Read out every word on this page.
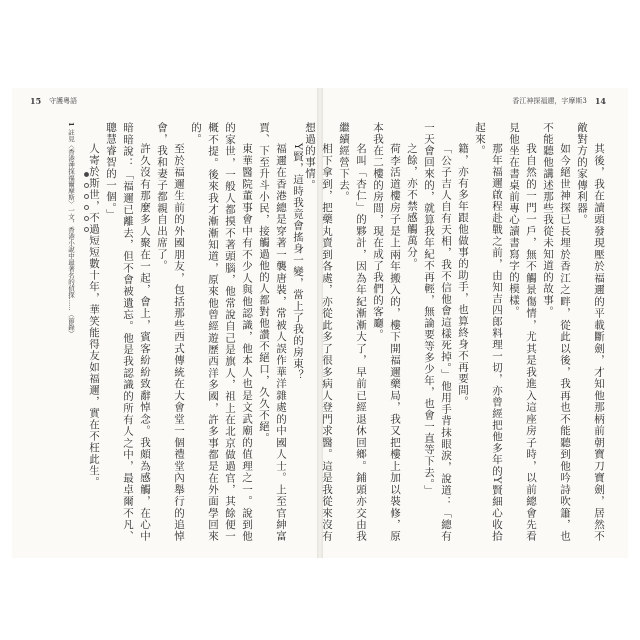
15 守護粵語
1 註見〈香港神探福爾摩斯〉一文，香港小說中最著名的偵探……（節錄）	Y賢，這時我竟會搖身一變，當上了我的房東？

福邇在香港總是穿著一襲唐裝，常被人誤作華洋雜處的中國人士。上至官紳富賈、下至升斗小民，接觸過他的人都對他讚不絕口，久久不絕。

東華醫院董事會中有不少人與他認識，他本人也是文武廟的值理之一。說到他的家世，一般人都摸不著頭腦，他常說自己是旗人，祖上在北京做過官，其餘便一概不提。後來我才漸漸知道，原來他曾經遊歷西洋多國，許多事都是在外面學回來的。

至於福邇生前的外國朋友，包括那些西式傳統在大會堂一個禮堂內舉行的追悼會，我和妻子都親自出席了。

許久沒有那麼多人聚在一起，會上，賓客紛紛致辭悼念。我頗為感觸，在心中暗暗說：「福邇已離去，但不會被遺忘。他是我認識的所有人之中，最卓爾不凡、聰慧睿智的一個。」

人寄於斯世，不過短短數十年，華笑能得友如福邇，實在不枉此生。

香江神探福邇，字摩斯3 14

其後，我在讀頭發現壓於福邇的平載斷劍，才知他那柄前朝寶刀寶劍，居然不敵對方的家傳利器。

如今絕世神探已長埋於香江之畔，從此以後，我再也不能聽到他吟詩吹簫，也不能聽他講述那些我從未知道的故事。

我自然的一門一戶，無不觸景傷情，尤其是我進入這座房子時，以前總會先看見他坐在書桌前專心讀書寫字的模樣。

那年福邇啟程赴戰之前，由知吉四郎料理一切，亦曾經把他多年的Y賢細心收拾起來。

籍，亦有多年跟他做事的助手，也算終身不再要問。

「公子吉人自有天相，我不信他會這樣死掉。」他用手背抹眼淚，說道：「總有一天會回來的，就算我年紀不再輕，無論要等多少年，也會一直等下去。」

之餘，亦不禁感觸萬分。

荷李活道樓房子是上兩年搬入的，樓下開福邇藥局，我又把樓上加以裝修，原本我在二樓的房間，現在成了我們的客廳。

名叫「杏仁」的夥計，因為年紀漸漸大了，早前已經退休回鄉。鋪頭亦交由我繼續經營下去。

相下拿到，把藥丸賣到各處，亦從此多了很多病人登門求醫。這是我從來沒有想過的事情。
